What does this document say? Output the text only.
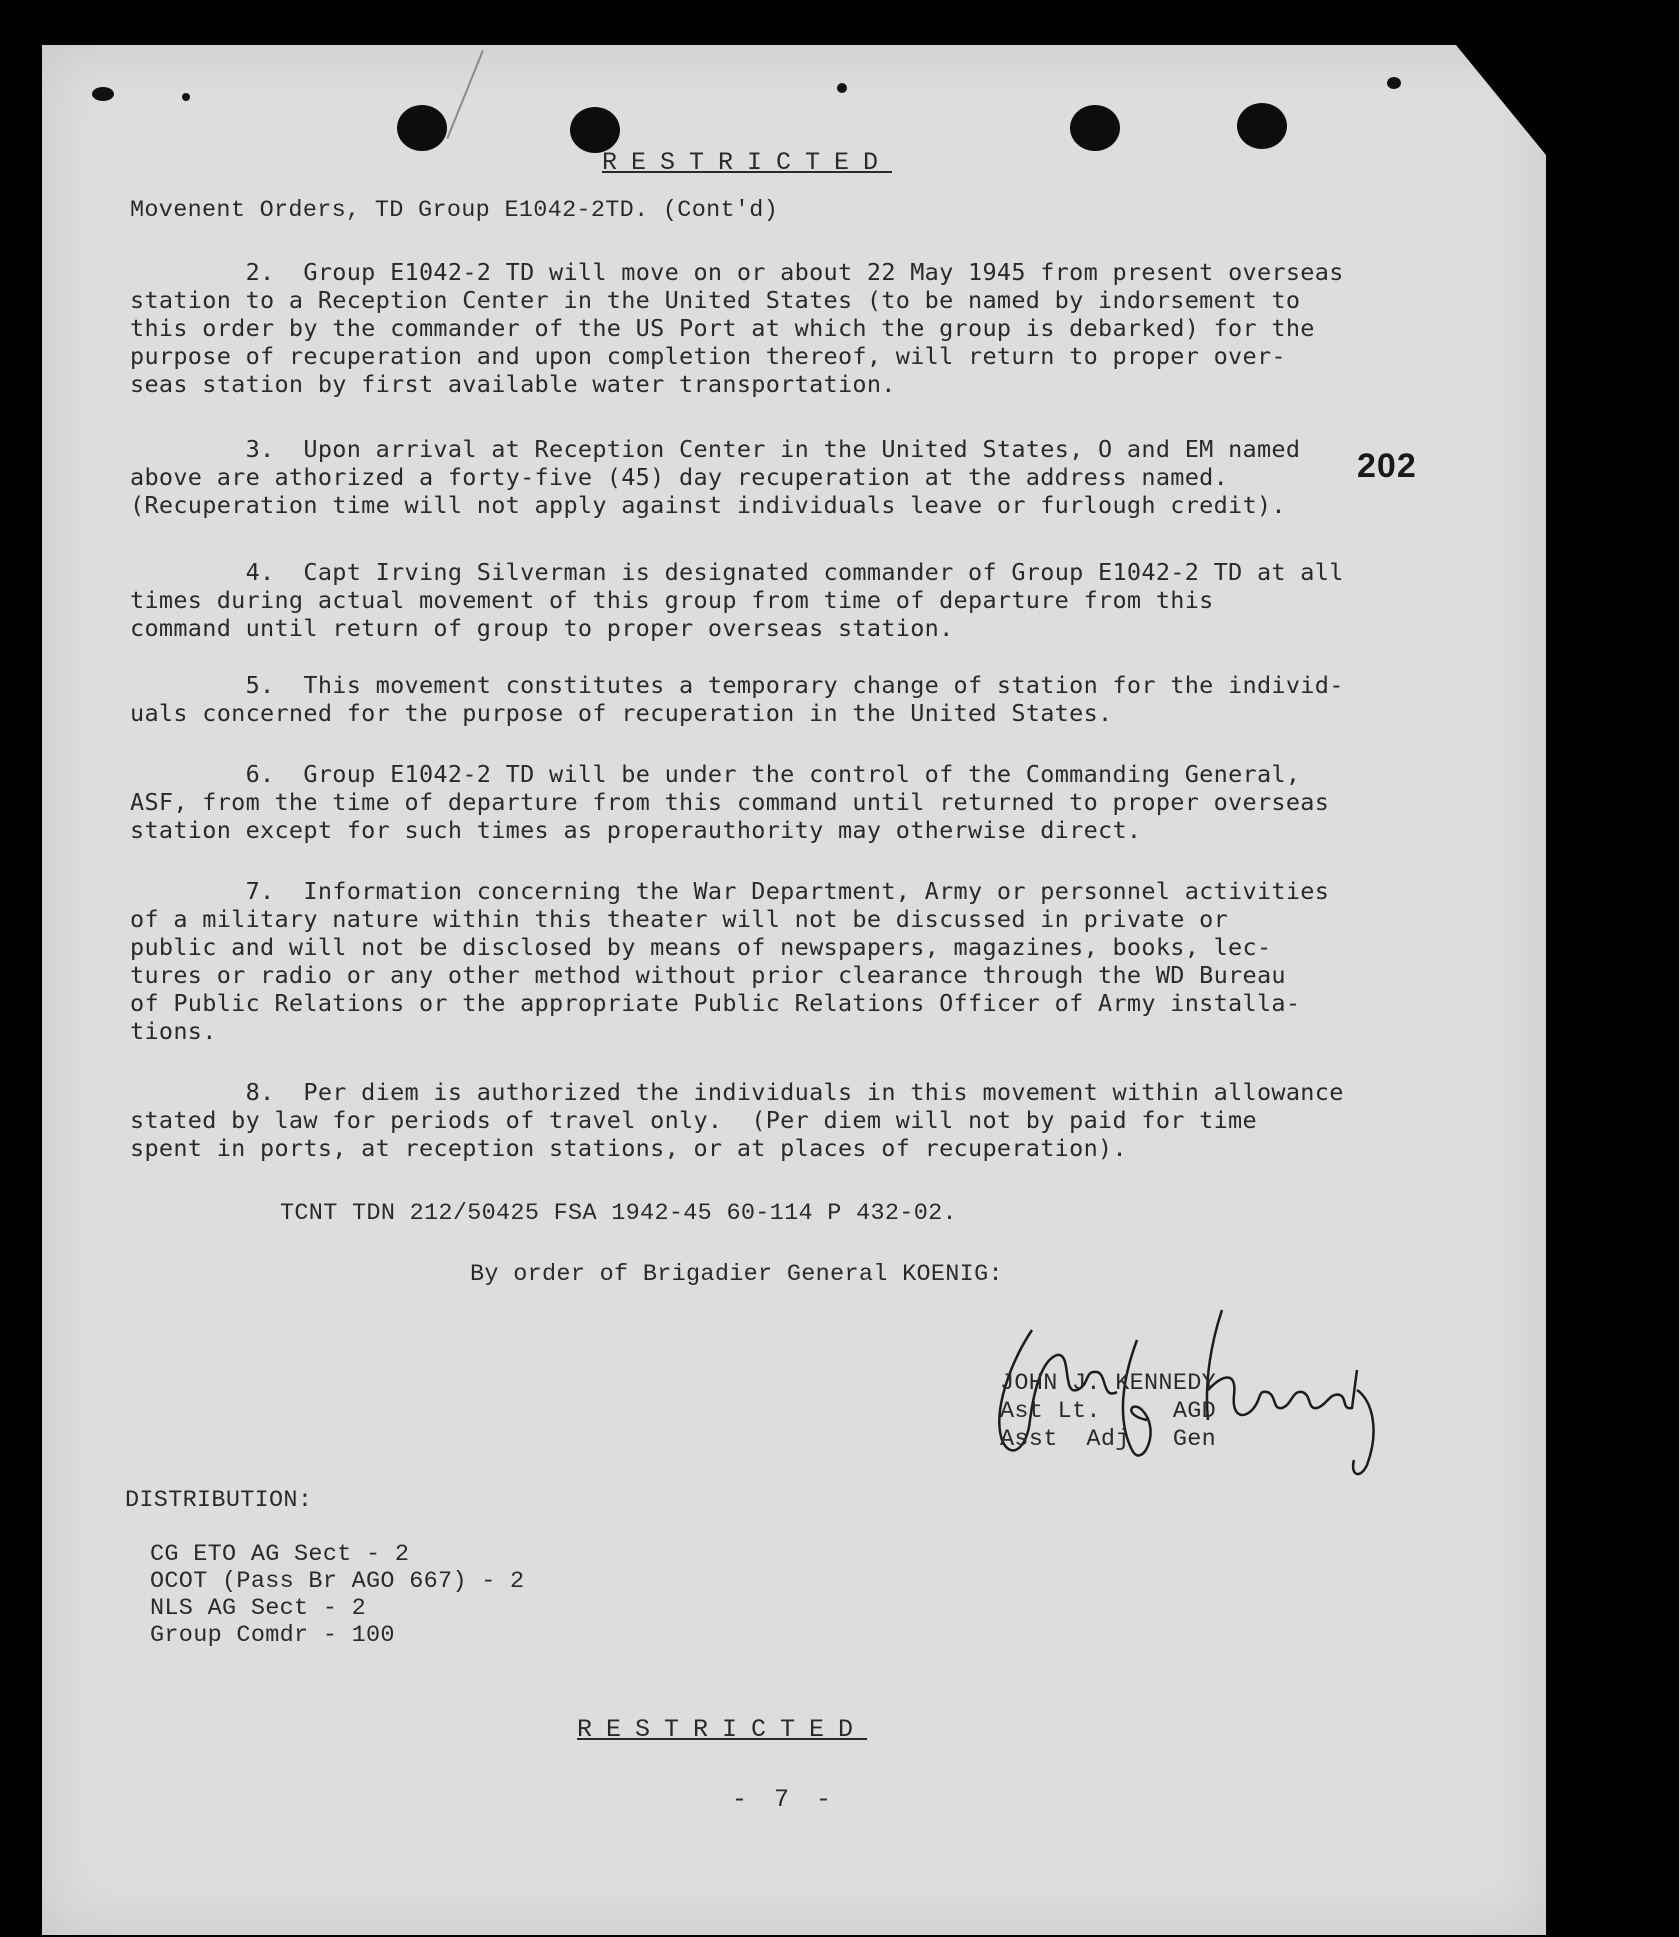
RESTRICTED
Movenent Orders, TD Group E1042-2TD. (Cont'd)
2.  Group E1042-2 TD will move on or about 22 May 1945 from present overseas
station to a Reception Center in the United States (to be named by indorsement to
this order by the commander of the US Port at which the group is debarked) for the
purpose of recuperation and upon completion thereof, will return to proper over-
seas station by first available water transportation.
3.  Upon arrival at Reception Center in the United States, O and EM named
above are athorized a forty-five (45) day recuperation at the address named.
(Recuperation time will not apply against individuals leave or furlough credit).
4.  Capt Irving Silverman is designated commander of Group E1042-2 TD at all
times during actual movement of this group from time of departure from this
command until return of group to proper overseas station.
5.  This movement constitutes a temporary change of station for the individ-
uals concerned for the purpose of recuperation in the United States.
6.  Group E1042-2 TD will be under the control of the Commanding General,
ASF, from the time of departure from this command until returned to proper overseas
station except for such times as properauthority may otherwise direct.
7.  Information concerning the War Department, Army or personnel activities
of a military nature within this theater will not be discussed in private or
public and will not be disclosed by means of newspapers, magazines, books, lec-
tures or radio or any other method without prior clearance through the WD Bureau
of Public Relations or the appropriate Public Relations Officer of Army installa-
tions.
8.  Per diem is authorized the individuals in this movement within allowance
stated by law for periods of travel only.  (Per diem will not by paid for time
spent in ports, at reception stations, or at places of recuperation).
202
TCNT TDN 212/50425 FSA 1942-45 60-114 P 432-02.
By order of Brigadier General KOENIG:
JOHN J. KENNEDY
Ast Lt.     AGD
Asst  Adj   Gen
DISTRIBUTION:
CG ETO AG Sect - 2
OCOT (Pass Br AGO 667) - 2
NLS AG Sect - 2
Group Comdr - 100
RESTRICTED
- 7 -
